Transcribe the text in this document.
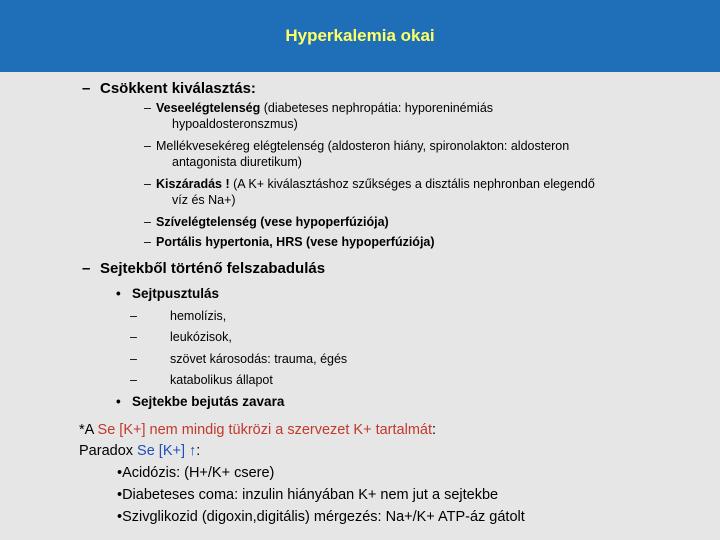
Hyperkalemia okai
– Csökkent kiválasztás:
– Veseelégtelenség (diabeteses nephropátia: hyporeninémiás
hypoaldosteronszmus)
– Mellékvesekéreg elégtelenség (aldosteron hiány, spironolakton: aldosteron
antagonista diuretikum)
– Kiszáradás ! (A K+ kiválasztáshoz szűkséges a disztális nephronban elegendő
víz és Na+)
– Szívelégtelenség (vese hypoperfúziója)
– Portális hypertonia, HRS (vese hypoperfúziója)
– Sejtekből történő felszabadulás
• Sejtpusztulás
–	hemolízis,
–	leukózisok,
–	szövet károsodás: trauma, égés
–	katabolikus állapot
• Sejtekbe bejutás zavara
*A Se [K+] nem mindig tükrözi a szervezet K+ tartalmát:
Paradox Se [K+] ↑:
•Acidózis: (H+/K+ csere)
•Diabeteses coma: inzulin hiányában K+ nem jut a sejtekbe
•Szivglikozid (digoxin,digitális) mérgezés: Na+/K+ ATP-áz gátolt
